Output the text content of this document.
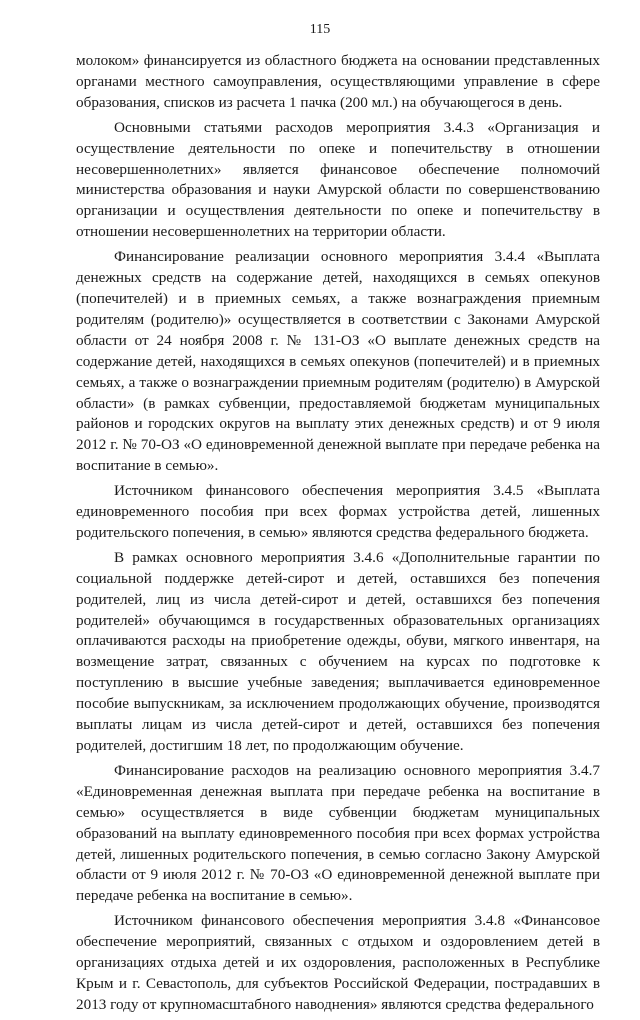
115

молоком» финансируется из областного бюджета на основании представленных органами местного самоуправления, осуществляющими управление в сфере образования, списков из расчета 1 пачка (200 мл.) на обучающегося в день.

Основными статьями расходов мероприятия 3.4.3 «Организация и осуществление деятельности по опеке и попечительству в отношении несовершеннолетних» является финансовое обеспечение полномочий министерства образования и науки Амурской области по совершенствованию организации и осуществления деятельности по опеке и попечительству в отношении несовершеннолетних на территории области.

Финансирование реализации основного мероприятия 3.4.4 «Выплата денежных средств на содержание детей, находящихся в семьях опекунов (попечителей) и в приемных семьях, а также вознаграждения приемным родителям (родителю)» осуществляется в соответствии с Законами Амурской области от 24 ноября 2008 г. № 131-ОЗ «О выплате денежных средств на содержание детей, находящихся в семьях опекунов (попечителей) и в приемных семьях, а также о вознаграждении приемным родителям (родителю) в Амурской области» (в рамках субвенции, предоставляемой бюджетам муниципальных районов и городских округов на выплату этих денежных средств) и от 9 июля 2012 г. № 70-ОЗ «О единовременной денежной выплате при передаче ребенка на воспитание в семью».

Источником финансового обеспечения мероприятия 3.4.5 «Выплата единовременного пособия при всех формах устройства детей, лишенных родительского попечения, в семью» являются средства федерального бюджета.

В рамках основного мероприятия 3.4.6 «Дополнительные гарантии по социальной поддержке детей-сирот и детей, оставшихся без попечения родителей, лиц из числа детей-сирот и детей, оставшихся без попечения родителей» обучающимся в государственных образовательных организациях оплачиваются расходы на приобретение одежды, обуви, мягкого инвентаря, на возмещение затрат, связанных с обучением на курсах по подготовке к поступлению в высшие учебные заведения; выплачивается единовременное пособие выпускникам, за исключением продолжающих обучение, производятся выплаты лицам из числа детей-сирот и детей, оставшихся без попечения родителей, достигшим 18 лет, по продолжающим обучение.

Финансирование расходов на реализацию основного мероприятия 3.4.7 «Единовременная денежная выплата при передаче ребенка на воспитание в семью» осуществляется в виде субвенции бюджетам муниципальных образований на выплату единовременного пособия при всех формах устройства детей, лишенных родительского попечения, в семью согласно Закону Амурской области от 9 июля 2012 г. № 70-ОЗ «О единовременной денежной выплате при передаче ребенка на воспитание в семью».

Источником финансового обеспечения мероприятия 3.4.8 «Финансовое обеспечение мероприятий, связанных с отдыхом и оздоровлением детей в организациях отдыха детей и их оздоровления, расположенных в Республике Крым и г. Севастополь, для субъектов Российской Федерации, пострадавших в 2013 году от крупномасштабного наводнения» являются средства федерального
